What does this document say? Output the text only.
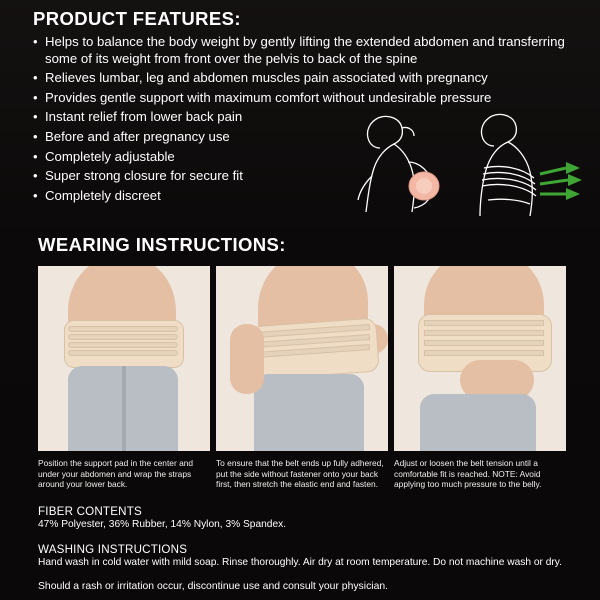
PRODUCT FEATURES:
• Helps to balance the body weight by gently lifting the extended abdomen and transferring some of its weight from front over the pelvis to back of the spine
• Relieves lumbar, leg and abdomen muscles pain associated with pregnancy
• Provides gentle support with maximum comfort without undesirable pressure
• Instant relief from lower back pain
• Before and after pregnancy use
• Completely adjustable
• Super strong closure for secure fit
• Completely discreet
WEARING INSTRUCTIONS:
Position the support pad in the center and under your abdomen and wrap the straps around your lower back.
To ensure that the belt ends up fully adhered, put the side without fastener onto your back first, then stretch the elastic end and fasten.
Adjust or loosen the belt tension until a comfortable fit is reached. NOTE: Avoid applying too much pressure to the belly.
FIBER CONTENTS
47% Polyester, 36% Rubber, 14% Nylon, 3% Spandex.
WASHING INSTRUCTIONS
Hand wash in cold water with mild soap. Rinse thoroughly. Air dry at room temperature. Do not machine wash or dry.
Should a rash or irritation occur, discontinue use and consult your physician.
